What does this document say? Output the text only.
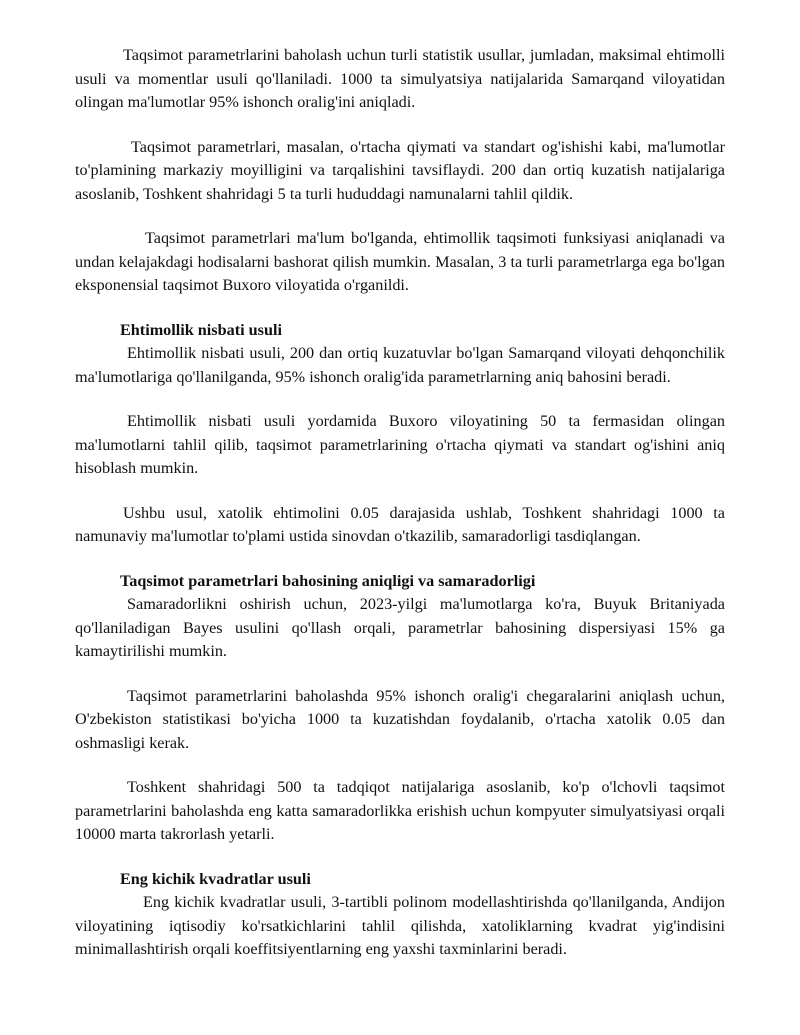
Taqsimot parametrlarini baholash uchun turli statistik usullar, jumladan, maksimal ehtimolli usuli va momentlar usuli qo'llaniladi. 1000 ta simulyatsiya natijalarida Samarqand viloyatidan olingan ma'lumotlar 95% ishonch oralig'ini aniqladi.

Taqsimot parametrlari, masalan, o'rtacha qiymati va standart og'ishishi kabi, ma'lumotlar to'plamining markaziy moyilligini va tarqalishini tavsiflaydi. 200 dan ortiq kuzatish natijalariga asoslanib, Toshkent shahridagi 5 ta turli hududdagi namunalarni tahlil qildik.

Taqsimot parametrlari ma'lum bo'lganda, ehtimollik taqsimoti funksiyasi aniqlanadi va undan kelajakdagi hodisalarni bashorat qilish mumkin. Masalan, 3 ta turli parametrlarga ega bo'lgan eksponensial taqsimot Buxoro viloyatida o'rganildi.

Ehtimollik nisbati usuli

Ehtimollik nisbati usuli, 200 dan ortiq kuzatuvlar bo'lgan Samarqand viloyati dehqonchilik ma'lumotlariga qo'llanilganda, 95% ishonch oralig'ida parametrlarning aniq bahosini beradi.

Ehtimollik nisbati usuli yordamida Buxoro viloyatining 50 ta fermasidan olingan ma'lumotlarni tahlil qilib, taqsimot parametrlarining o'rtacha qiymati va standart og'ishini aniq hisoblash mumkin.

Ushbu usul, xatolik ehtimolini 0.05 darajasida ushlab, Toshkent shahridagi 1000 ta namunaviy ma'lumotlar to'plami ustida sinovdan o'tkazilib, samaradorligi tasdiqlangan.

Taqsimot parametrlari bahosining aniqligi va samaradorligi

Samaradorlikni oshirish uchun, 2023-yilgi ma'lumotlarga ko'ra, Buyuk Britaniyada qo'llaniladigan Bayes usulini qo'llash orqali, parametrlar bahosining dispersiyasi 15% ga kamaytirilishi mumkin.

Taqsimot parametrlarini baholashda 95% ishonch oralig'i chegaralarini aniqlash uchun, O'zbekiston statistikasi bo'yicha 1000 ta kuzatishdan foydalanib, o'rtacha xatolik 0.05 dan oshmasligi kerak.

Toshkent shahridagi 500 ta tadqiqot natijalariga asoslanib, ko'p o'lchovli taqsimot parametrlarini baholashda eng katta samaradorlikka erishish uchun kompyuter simulyatsiyasi orqali 10000 marta takrorlash yetarli.

Eng kichik kvadratlar usuli

Eng kichik kvadratlar usuli, 3-tartibli polinom modellashtirishda qo'llanilganda, Andijon viloyatining iqtisodiy ko'rsatkichlarini tahlil qilishda, xatoliklarning kvadrat yig'indisini minimallashtirish orqali koeffitsiyentlarning eng yaxshi taxminlarini beradi.
